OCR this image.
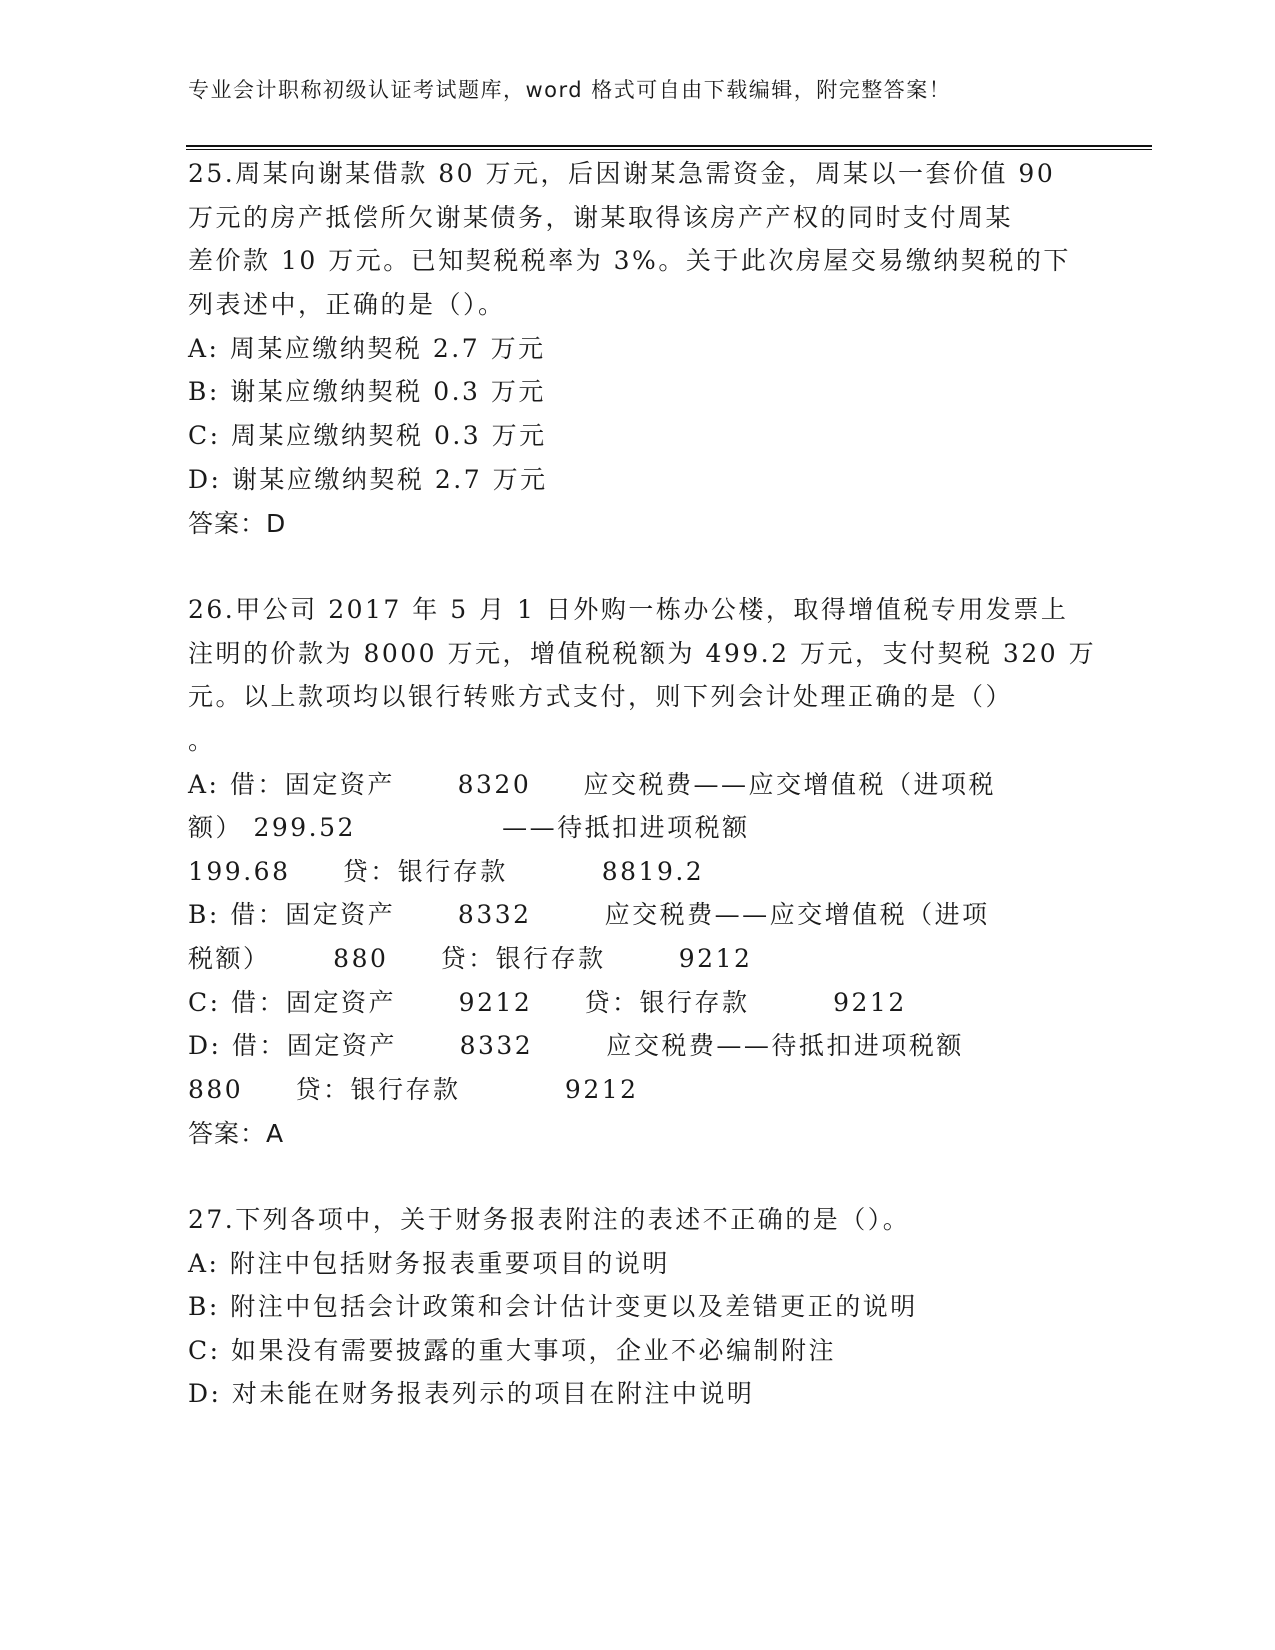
专业会计职称初级认证考试题库，word 格式可自由下载编辑，附完整答案！
25.周某向谢某借款 80 万元，后因谢某急需资金，周某以一套价值 90
万元的房产抵偿所欠谢某债务，谢某取得该房产产权的同时支付周某
差价款 10 万元。已知契税税率为 3%。关于此次房屋交易缴纳契税的下
列表述中，正确的是（）。
A: 周某应缴纳契税 2.7 万元
B: 谢某应缴纳契税 0.3 万元
C: 周某应缴纳契税 0.3 万元
D: 谢某应缴纳契税 2.7 万元
答案：D
26.甲公司 2017 年 5 月 1 日外购一栋办公楼，取得增值税专用发票上
注明的价款为 8000 万元，增值税税额为 499.2 万元，支付契税 320 万
元。以上款项均以银行转账方式支付，则下列会计处理正确的是（）
。
A: 借：固定资产      8320     应交税费——应交增值税（进项税
额） 299.52              ——待抵扣进项税额
199.68     贷：银行存款         8819.2
B: 借：固定资产      8332       应交税费——应交增值税（进项
税额）      880     贷：银行存款       9212
C: 借：固定资产      9212     贷：银行存款        9212
D: 借：固定资产      8332       应交税费——待抵扣进项税额
880     贷：银行存款          9212
答案：A
27.下列各项中，关于财务报表附注的表述不正确的是（）。
A: 附注中包括财务报表重要项目的说明
B: 附注中包括会计政策和会计估计变更以及差错更正的说明
C: 如果没有需要披露的重大事项，企业不必编制附注
D: 对未能在财务报表列示的项目在附注中说明
